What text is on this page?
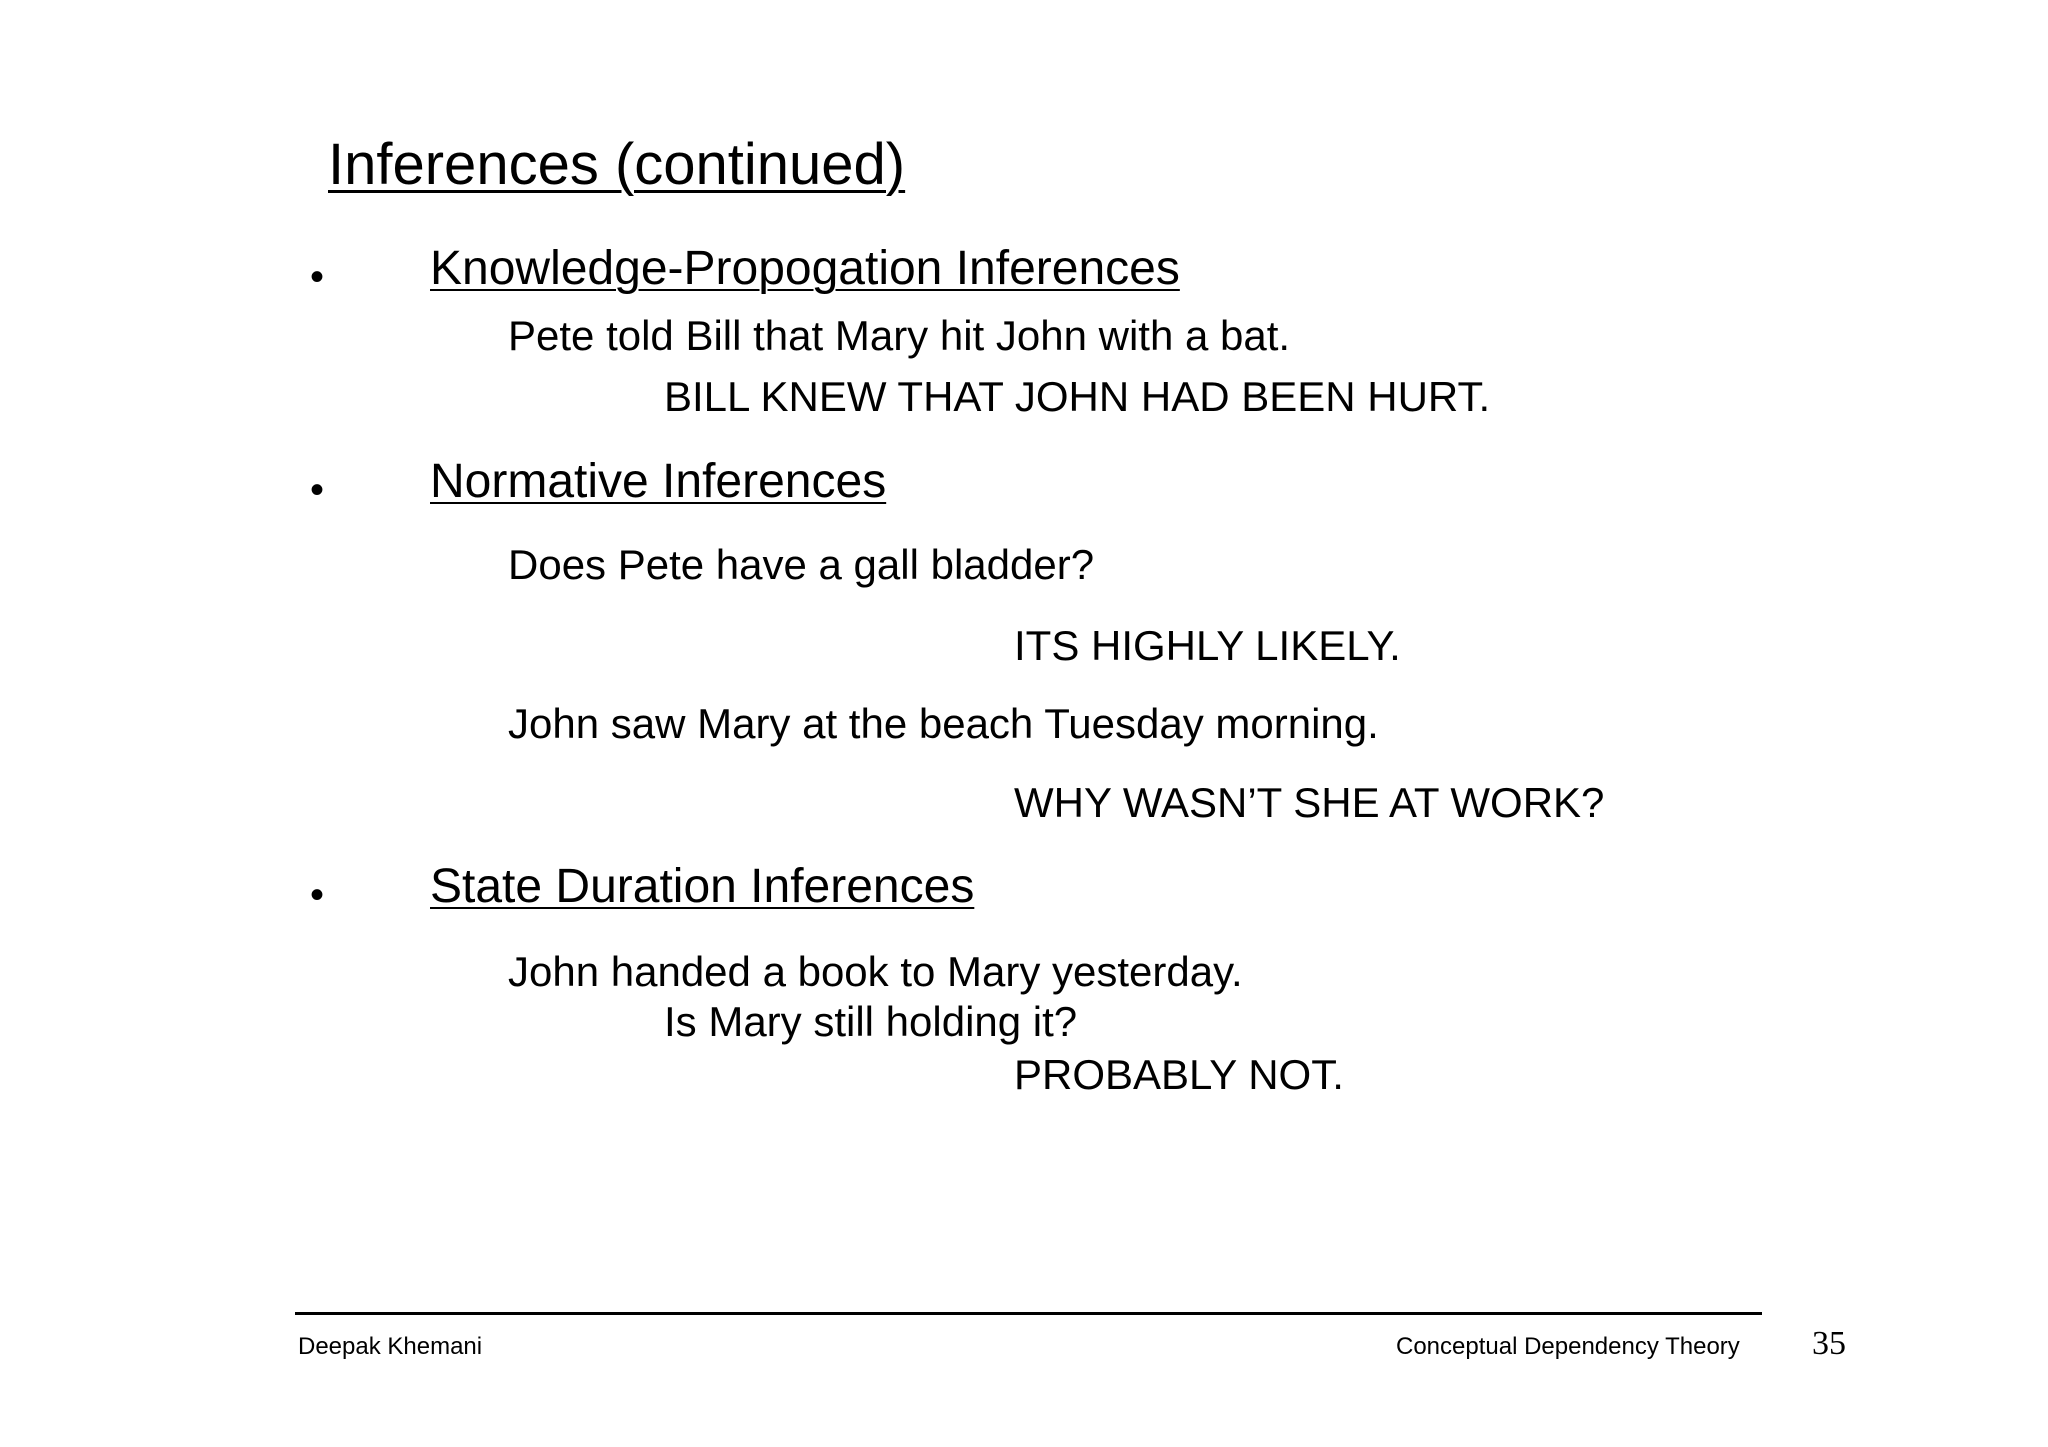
Inferences (continued)
• Knowledge-Propogation Inferences
Pete told Bill that Mary hit John with a bat.
BILL KNEW THAT JOHN HAD BEEN HURT.
• Normative Inferences
Does Pete have a gall bladder?
ITS HIGHLY LIKELY.
John saw Mary at the beach Tuesday morning.
WHY WASN’T SHE AT WORK?
• State Duration Inferences
John handed a book to Mary yesterday.
Is Mary still holding it?
PROBABLY NOT.
Deepak Khemani	Conceptual Dependency Theory 35
